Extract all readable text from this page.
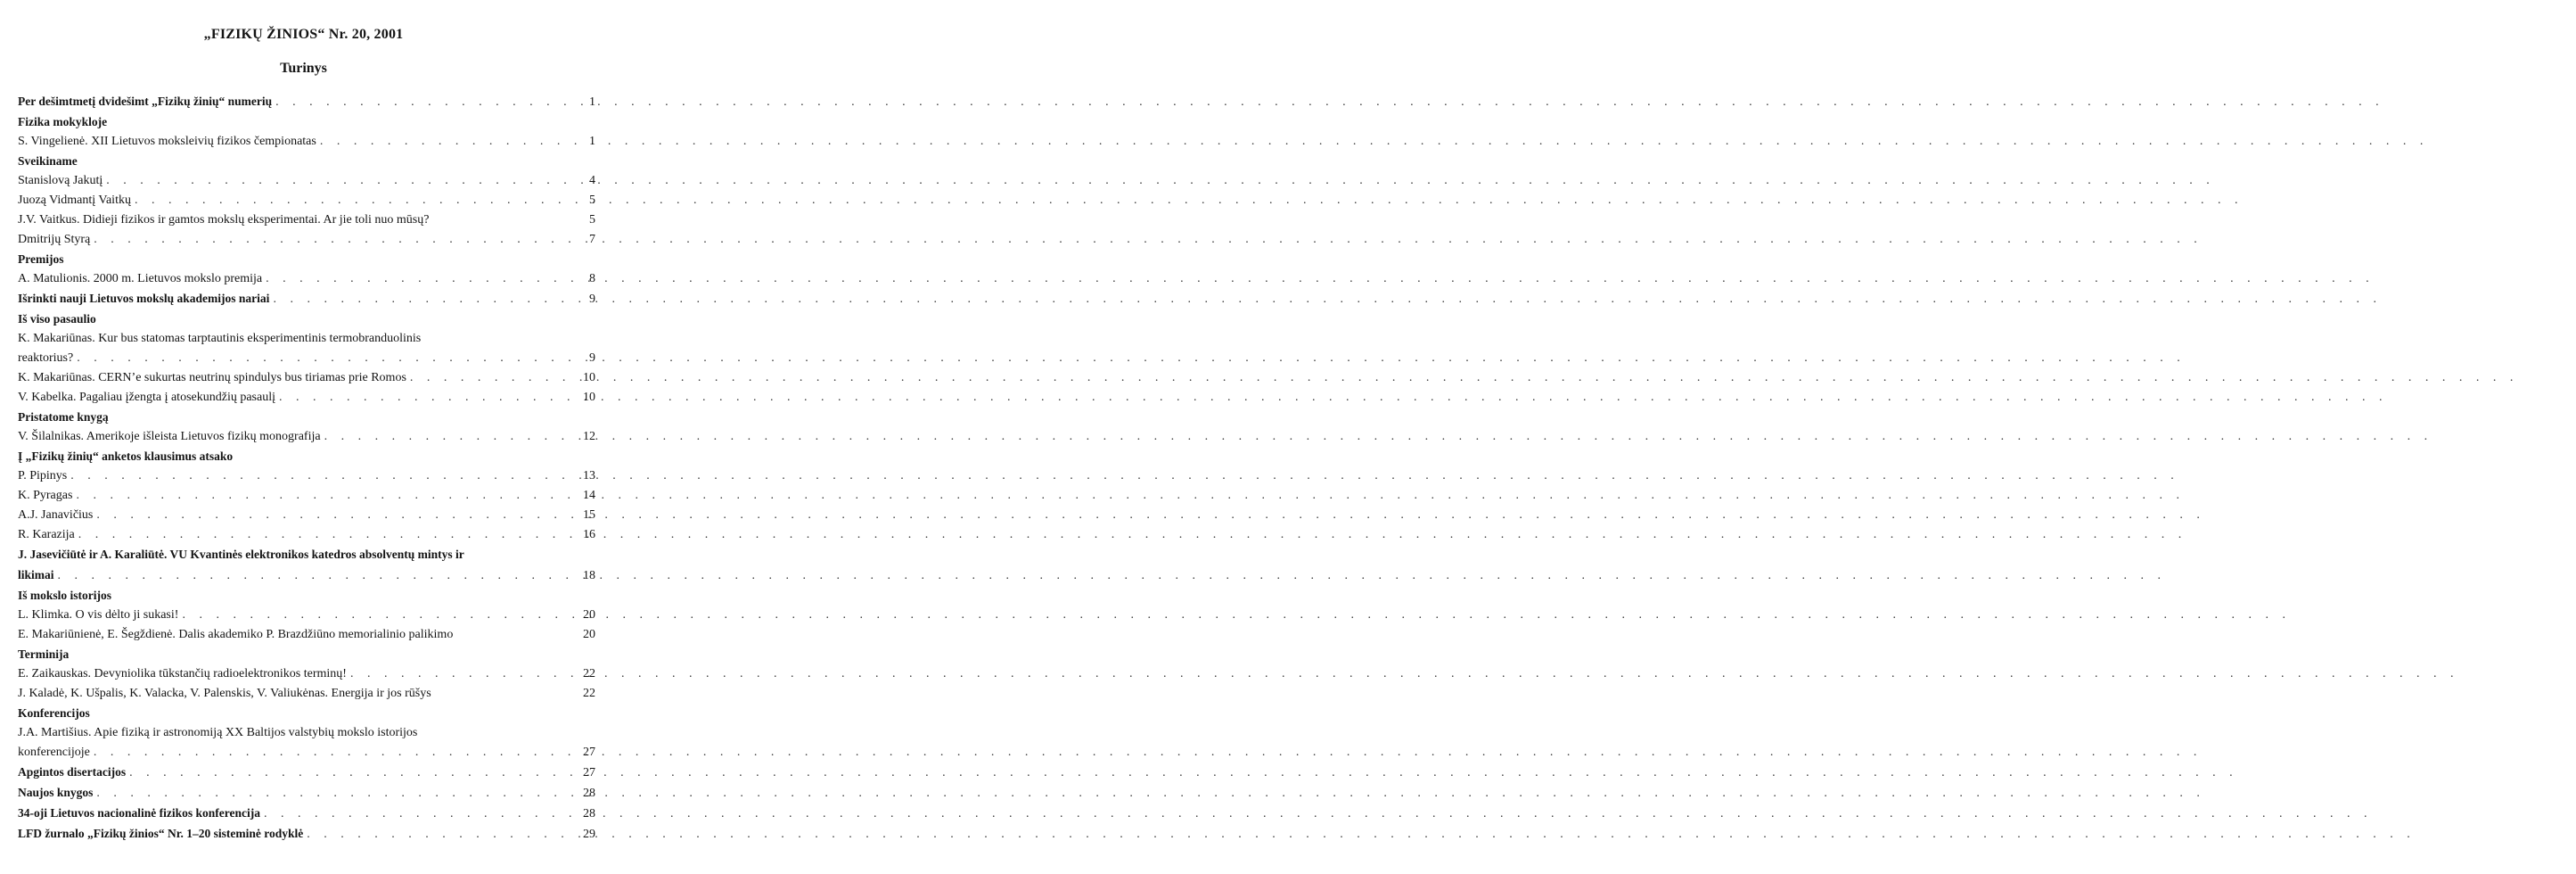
„FIZIKŲ ŽINIOS“ Nr. 20, 2001
Turinys
Per dešimtmetį dvidešimt „Fizikų žinių“ numerių . . .	1
Fizika mokykloje
S. Vingelienė. XII Lietuvos moksleivių fizikos čempionatas . . .	1
Sveikiname
Stanislovą Jakutį . . .	4
Juozą Vidmantį Vaitkų . . .	5
J.V. Vaitkus. Didieji fizikos ir gamtos mokslų eksperimentai. Ar jie toli nuo mūsų?	5
Dmitrijų Styrą . . .	7
Premijos
A. Matulionis. 2000 m. Lietuvos mokslo premija . . .	8
Išrinkti nauji Lietuvos mokslų akademijos nariai . . .	9
Iš viso pasaulio
K. Makariūnas. Kur bus statomas tarptautinis eksperimentinis termobranduolinis
reaktorius? . . .	9
K. Makariūnas. CERN’e sukurtas neutrinų spindulys bus tiriamas prie Romos . . .	10
V. Kabelka. Pagaliau įžengta į atosekundžių pasaulį . . .	10
Pristatome knygą
V. Šilalnikas. Amerikoje išleista Lietuvos fizikų monografija . . .	12
Į „Fizikų žinių“ anketos klausimus atsako
P. Pipinys . . .	13
K. Pyragas . . .	14
A.J. Janavičius . . .	15
R. Karazija . . .	16
J. Jasevičiūtė ir A. Karaliūtė. VU Kvantinės elektronikos katedros absolventų mintys ir
likimai . . .	18
Iš mokslo istorijos
L. Klimka. O vis dėlto ji sukasi! . . .	20
E. Makariūnienė, E. Šegždienė. Dalis akademiko P. Brazdžiūno memorialinio palikimo	20
Terminija
E. Zaikauskas. Devyniolika tūkstančių radioelektronikos terminų! . . .	22
J. Kaladė, K. Ušpalis, K. Valacka, V. Palenskis, V. Valiukėnas. Energija ir jos rūšys	22
Konferencijos
J.A. Martišius. Apie fiziką ir astronomiją XX Baltijos valstybių mokslo istorijos
konferencijoje . . .	27
Apgintos disertacijos . . .	27
Naujos knygos . . .	28
34-oji Lietuvos nacionalinė fizikos konferencija . . .	28
LFD žurnalo „Fizikų žinios“ Nr. 1–20 sisteminė rodyklė . . .	29
